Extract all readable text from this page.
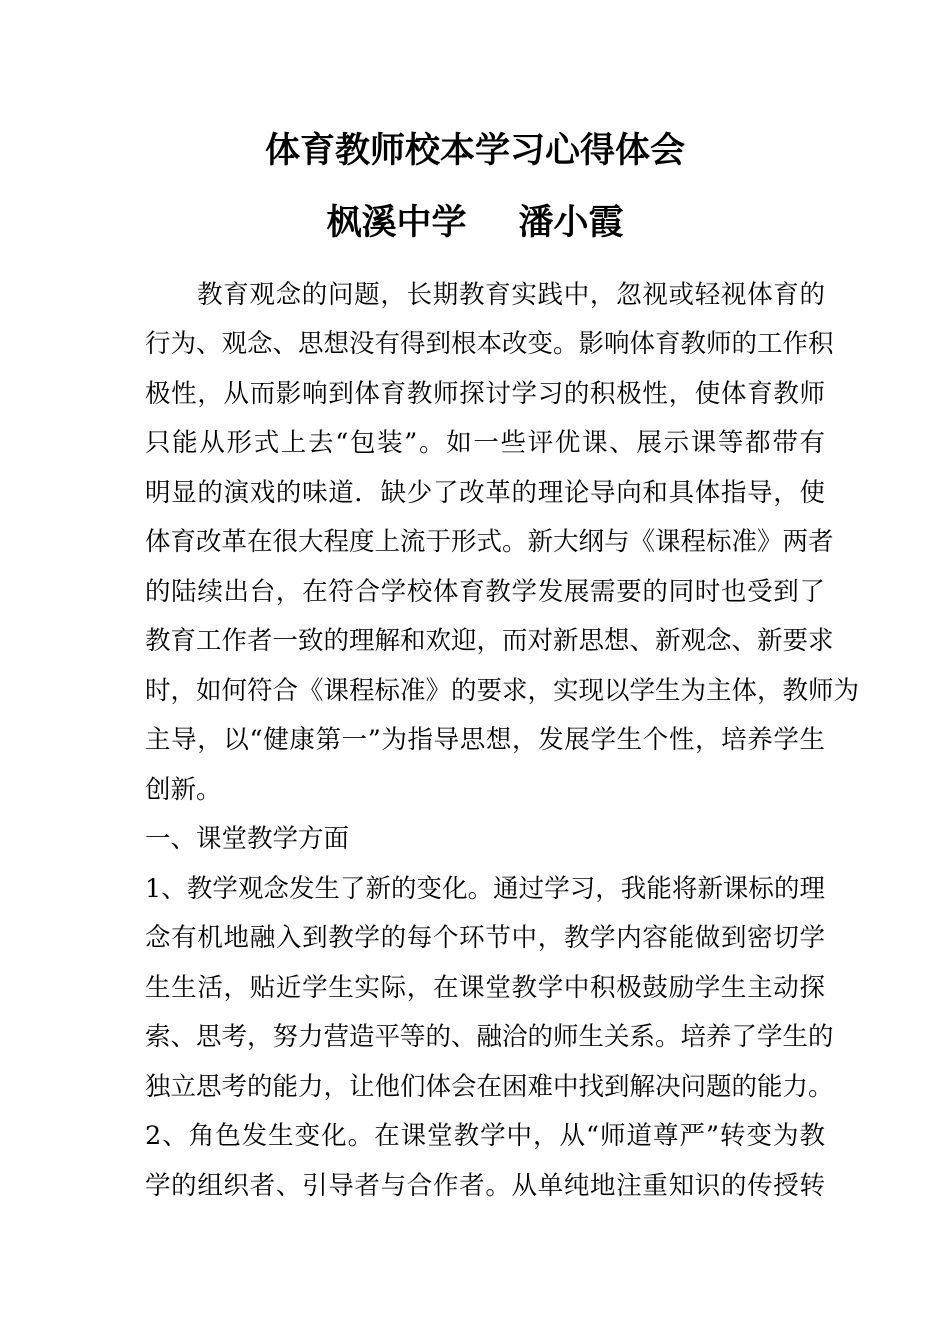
体育教师校本学习心得体会
枫溪中学 潘小霞
教育观念的问题，长期教育实践中，忽视或轻视体育的
行为、观念、思想没有得到根本改变。影响体育教师的工作积
极性，从而影响到体育教师探讨学习的积极性，使体育教师
只能从形式上去“包装”。如一些评优课、展示课等都带有
明显的演戏的味道．缺少了改革的理论导向和具体指导，使
体育改革在很大程度上流于形式。新大纲与《课程标准》两者
的陆续出台，在符合学校体育教学发展需要的同时也受到了
教育工作者一致的理解和欢迎，而对新思想、新观念、新要求
时，如何符合《课程标准》的要求，实现以学生为主体，教师为
主导，以“健康第一”为指导思想，发展学生个性，培养学生
创新。
一、课堂教学方面
1、教学观念发生了新的变化。通过学习，我能将新课标的理
念有机地融入到教学的每个环节中，教学内容能做到密切学
生生活，贴近学生实际，在课堂教学中积极鼓励学生主动探
索、思考，努力营造平等的、融洽的师生关系。培养了学生的
独立思考的能力，让他们体会在困难中找到解决问题的能力。
2、角色发生变化。在课堂教学中，从“师道尊严”转变为教
学的组织者、引导者与合作者。从单纯地注重知识的传授转
